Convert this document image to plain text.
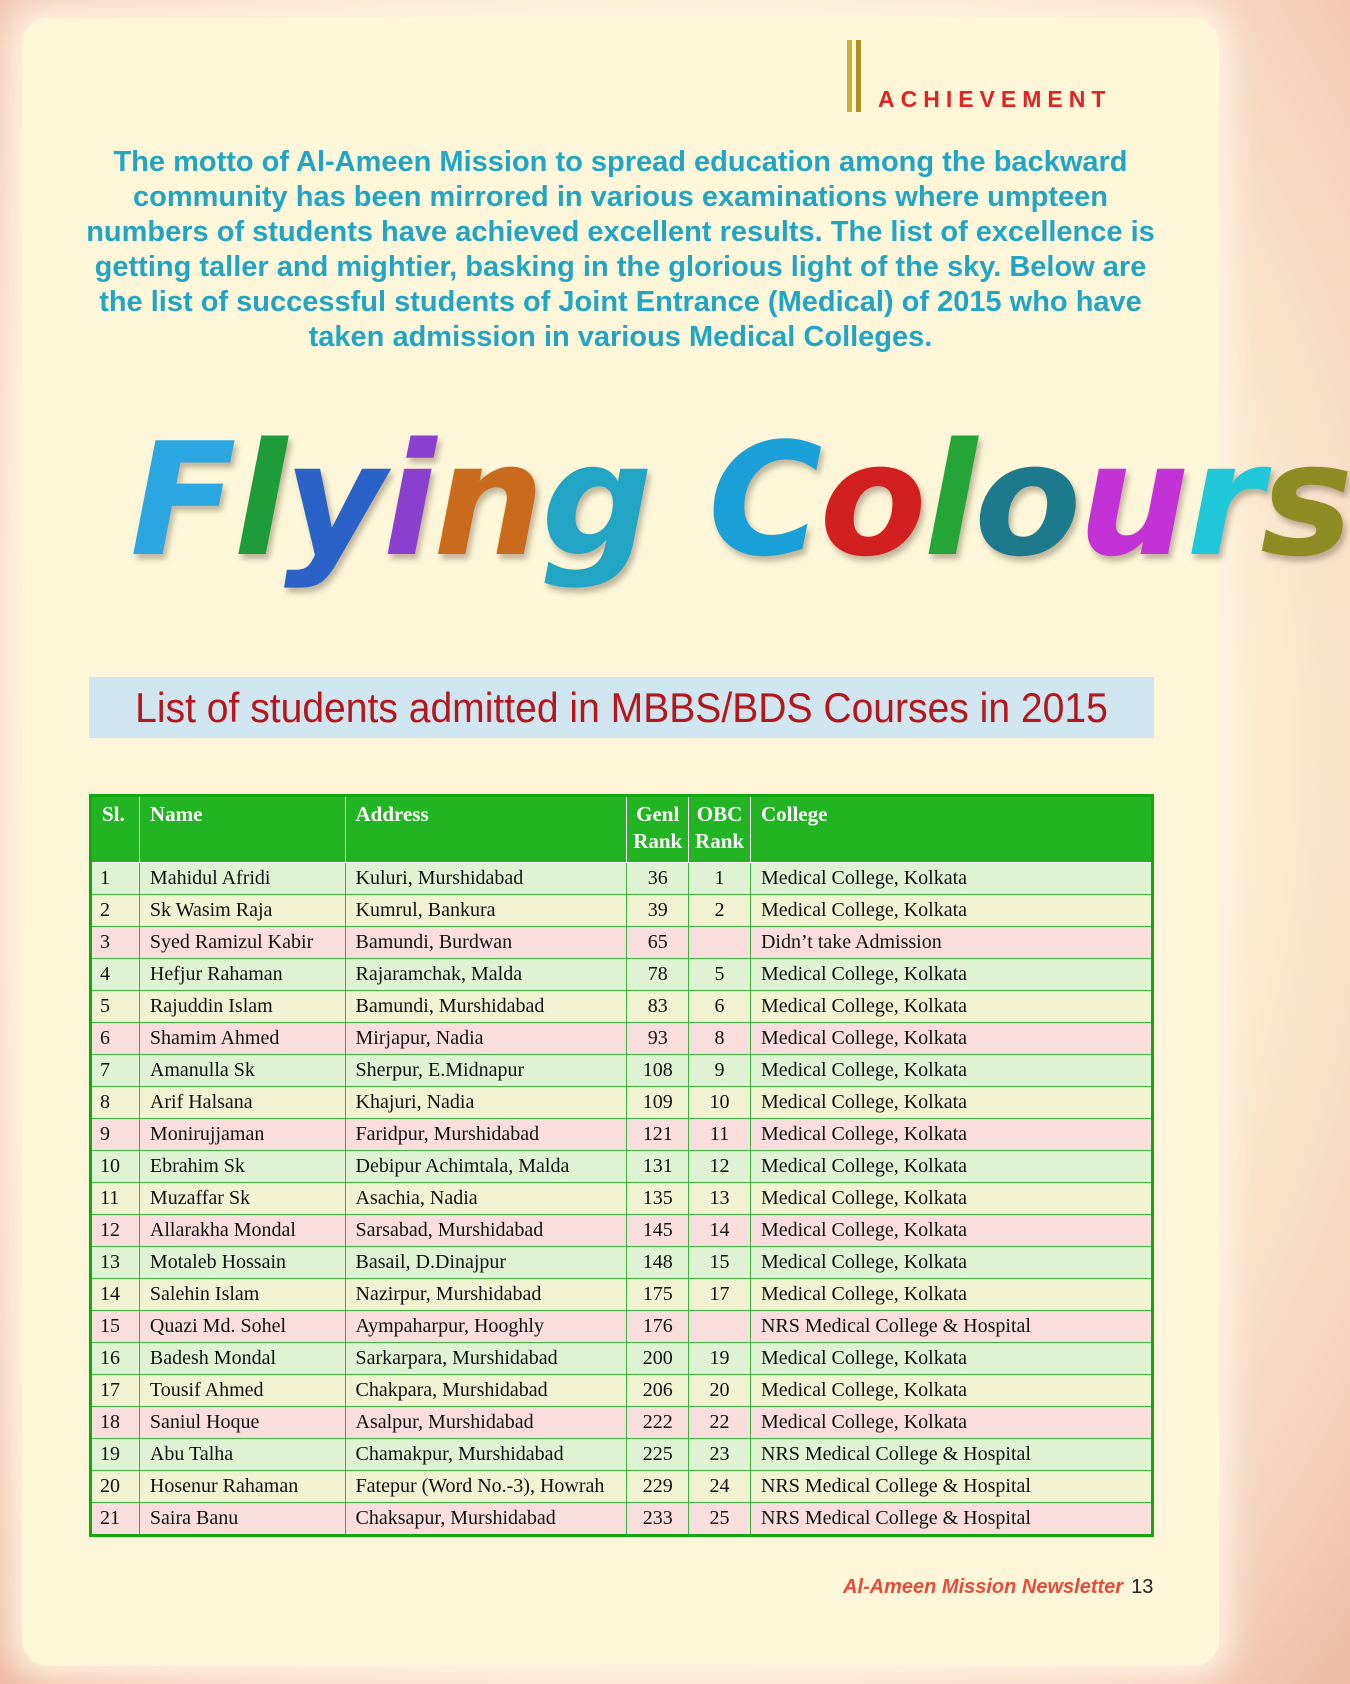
ACHIEVEMENT
The motto of Al-Ameen Mission to spread education among the backward community has been mirrored in various examinations where umpteen numbers of students have achieved excellent results. The list of excellence is getting taller and mightier, basking in the glorious light of the sky. Below are the list of successful students of Joint Entrance (Medical) of 2015 who have taken admission in various Medical Colleges.
Flying Colours
List of students admitted in MBBS/BDS Courses in 2015
Sl.	Name	Address	Genl Rank	OBC Rank	College
1	Mahidul Afridi	Kuluri, Murshidabad	36	1	Medical College, Kolkata
2	Sk Wasim Raja	Kumrul, Bankura	39	2	Medical College, Kolkata
3	Syed Ramizul Kabir	Bamundi, Burdwan	65		Didn’t take Admission
4	Hefjur Rahaman	Rajaramchak, Malda	78	5	Medical College, Kolkata
5	Rajuddin Islam	Bamundi, Murshidabad	83	6	Medical College, Kolkata
6	Shamim Ahmed	Mirjapur, Nadia	93	8	Medical College, Kolkata
7	Amanulla Sk	Sherpur, E.Midnapur	108	9	Medical College, Kolkata
8	Arif Halsana	Khajuri, Nadia	109	10	Medical College, Kolkata
9	Monirujjaman	Faridpur, Murshidabad	121	11	Medical College, Kolkata
10	Ebrahim Sk	Debipur Achimtala, Malda	131	12	Medical College, Kolkata
11	Muzaffar Sk	Asachia, Nadia	135	13	Medical College, Kolkata
12	Allarakha Mondal	Sarsabad, Murshidabad	145	14	Medical College, Kolkata
13	Motaleb Hossain	Basail, D.Dinajpur	148	15	Medical College, Kolkata
14	Salehin Islam	Nazirpur, Murshidabad	175	17	Medical College, Kolkata
15	Quazi Md. Sohel	Aympaharpur, Hooghly	176		NRS Medical College & Hospital
16	Badesh Mondal	Sarkarpara, Murshidabad	200	19	Medical College, Kolkata
17	Tousif Ahmed	Chakpara, Murshidabad	206	20	Medical College, Kolkata
18	Saniul Hoque	Asalpur, Murshidabad	222	22	Medical College, Kolkata
19	Abu Talha	Chamakpur, Murshidabad	225	23	NRS Medical College & Hospital
20	Hosenur Rahaman	Fatepur (Word No.-3), Howrah	229	24	NRS Medical College & Hospital
21	Saira Banu	Chaksapur, Murshidabad	233	25	NRS Medical College & Hospital
Al-Ameen Mission Newsletter 13
